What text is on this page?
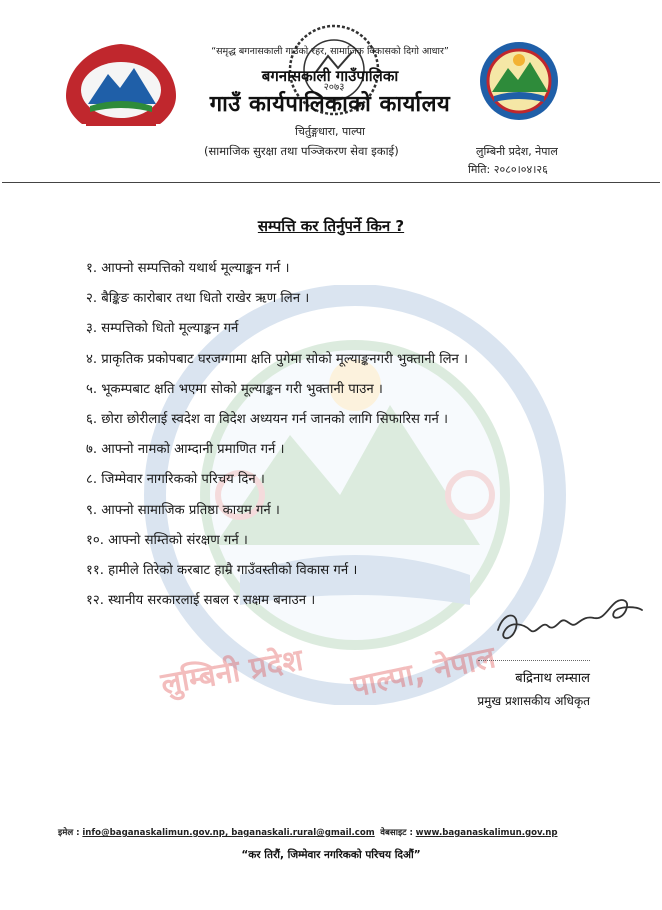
लुम्बिनी प्रदेश पाल्पा, नेपाल
२०७३
“समृद्ध बगनासकाली गाउँको रहर, सामाजिक विकासको दिगो आधार”
बगनासकाली गाउँपालिका
गाउँ कार्यपालिकाको कार्यालय
चिर्तुङ्गधारा, पाल्पा
(सामाजिक सुरक्षा तथा पञ्जिकरण सेवा इकाई)	लुम्बिनी प्रदेश, नेपाल
मिति: २०८०।०४।२६
सम्पत्ति कर तिर्नुपर्ने किन ?
१. आफ्नो सम्पत्तिको यथार्थ मूल्याङ्कन गर्न ।
२. बैङ्किङ कारोबार तथा धितो राखेर ऋण लिन ।
३. सम्पत्तिको धितो मूल्याङ्कन गर्न
४. प्राकृतिक प्रकोपबाट घरजग्गामा क्षति पुगेमा सोको मूल्याङ्कनगरी भुक्तानी लिन ।
५. भूकम्पबाट क्षति भएमा सोको मूल्याङ्कन गरी भुक्तानी पाउन ।
६. छोरा छोरीलाई स्वदेश वा विदेश अध्ययन गर्न जानको लागि सिफारिस गर्न ।
७. आफ्नो नामको आम्दानी प्रमाणित गर्न ।
८. जिम्मेवार नागरिकको परिचय दिन ।
९. आफ्नो सामाजिक प्रतिष्ठा कायम गर्न ।
१०. आफ्नो सम्तिको संरक्षण गर्न ।
११. हामीले तिरेको करबाट हाम्रै गाउँवस्तीको विकास गर्न ।
१२. स्थानीय सरकारलाई सबल र सक्षम बनाउन ।
बद्रिनाथ लम्साल
प्रमुख प्रशासकीय अधिकृत
इमेल : info@baganaskalimun.gov.np, baganaskali.rural@gmail.com वेबसाइट : www.baganaskalimun.gov.np
“कर तिरौं, जिम्मेवार नगरिकको परिचय दिऔं”
